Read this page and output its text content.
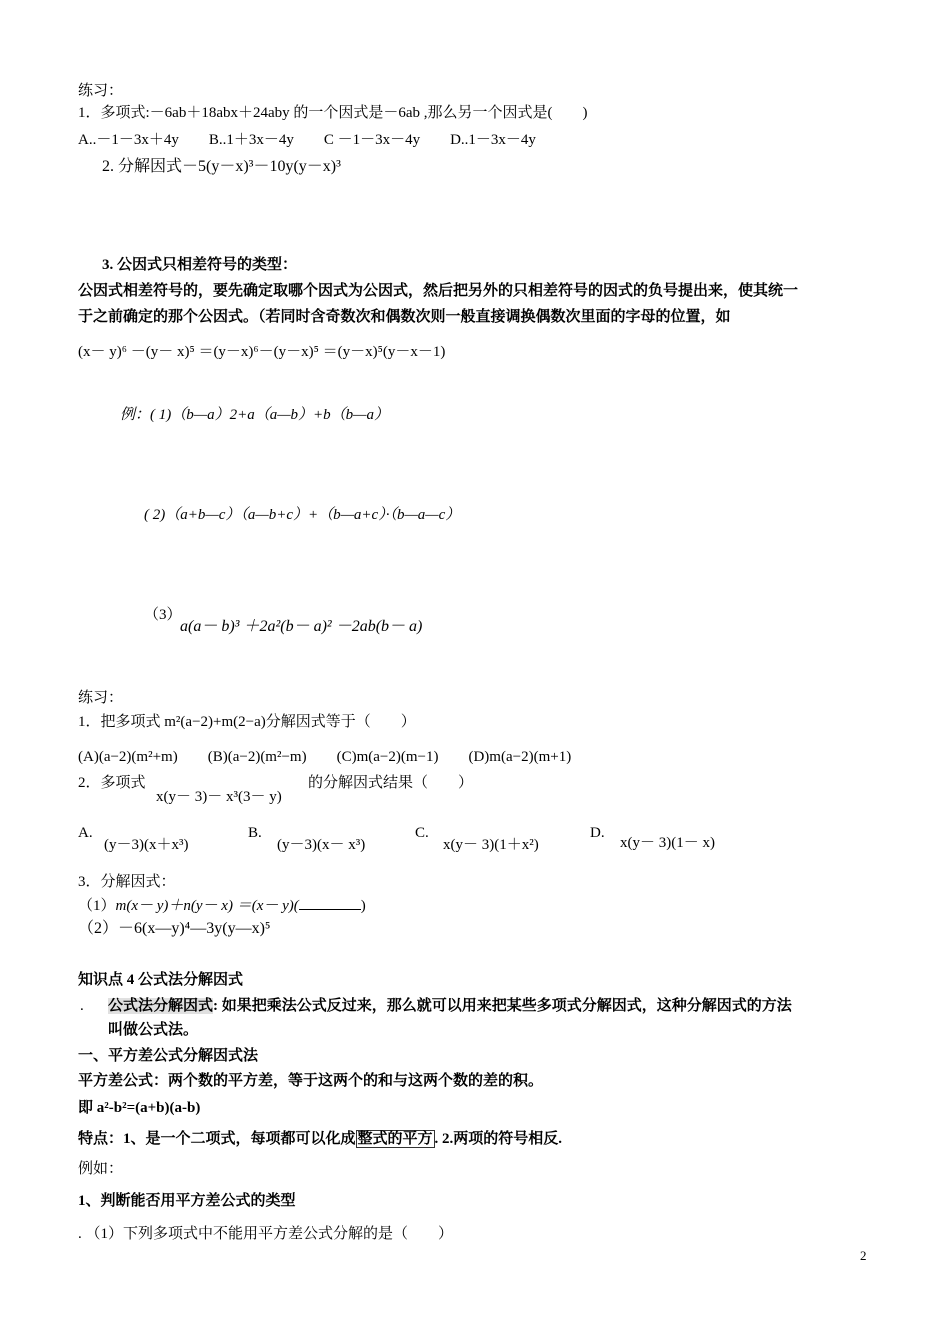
练习：
1．多项式:－6ab＋18abx＋24aby 的一个因式是－6ab ,那么另一个因式是(　　)
A..－1－3x＋4y　　B..1＋3x－4y　　C －1－3x－4y　　D..1－3x－4y
2. 分解因式－5(y－x)³－10y(y－x)³
3. 公因式只相差符号的类型：
公因式相差符号的，要先确定取哪个因式为公因式，然后把另外的只相差符号的因式的负号提出来，使其统一
于之前确定的那个公因式。（若同时含奇数次和偶数次则一般直接调换偶数次里面的字母的位置，如
(x－ y)⁶ －(y－ x)⁵ ＝(y－x)⁶－(y－x)⁵ ＝(y－x)⁵(y－x－1)
例：( 1)（b—a）2+a（a—b）+b（b—a）
( 2)（a+b—c）（a—b+c）+（b—a+c）·（b—a—c）
（3）
a(a－ b)³ ＋2a²(b－ a)² －2ab(b－ a)
练习：
1．把多项式 m²(a−2)+m(2−a)分解因式等于（　　）
(A)(a−2)(m²+m)　　(B)(a−2)(m²−m)　　(C)m(a−2)(m−1)　　(D)m(a−2)(m+1)
2．多项式
x(y－ 3)－ x³(3－ y)
的分解因式结果（　　）
A.
(y－3)(x＋x³)
B.
(y－3)(x－ x³)
C.
x(y－ 3)(1＋x²)
D.
x(y－ 3)(1－ x)
3．分解因式：
（1）m(x－ y)＋n(y－ x) ＝(x－ y)(	)
（2）－6(x—y)⁴—3y(y—x)⁵
知识点 4 公式法分解因式
. 公式法分解因式: 如果把乘法公式反过来，那么就可以用来把某些多项式分解因式，这种分解因式的方法
叫做公式法。
一、平方差公式分解因式法
平方差公式：两个数的平方差，等于这两个的和与这两个数的差的积。
即 a²-b²=(a+b)(a-b)
特点：1、是一个二项式，每项都可以化成 整式的平方 . 2.两项的符号相反.
例如：
1、判断能否用平方差公式的类型
. （1）下列多项式中不能用平方差公式分解的是（　　）
2
